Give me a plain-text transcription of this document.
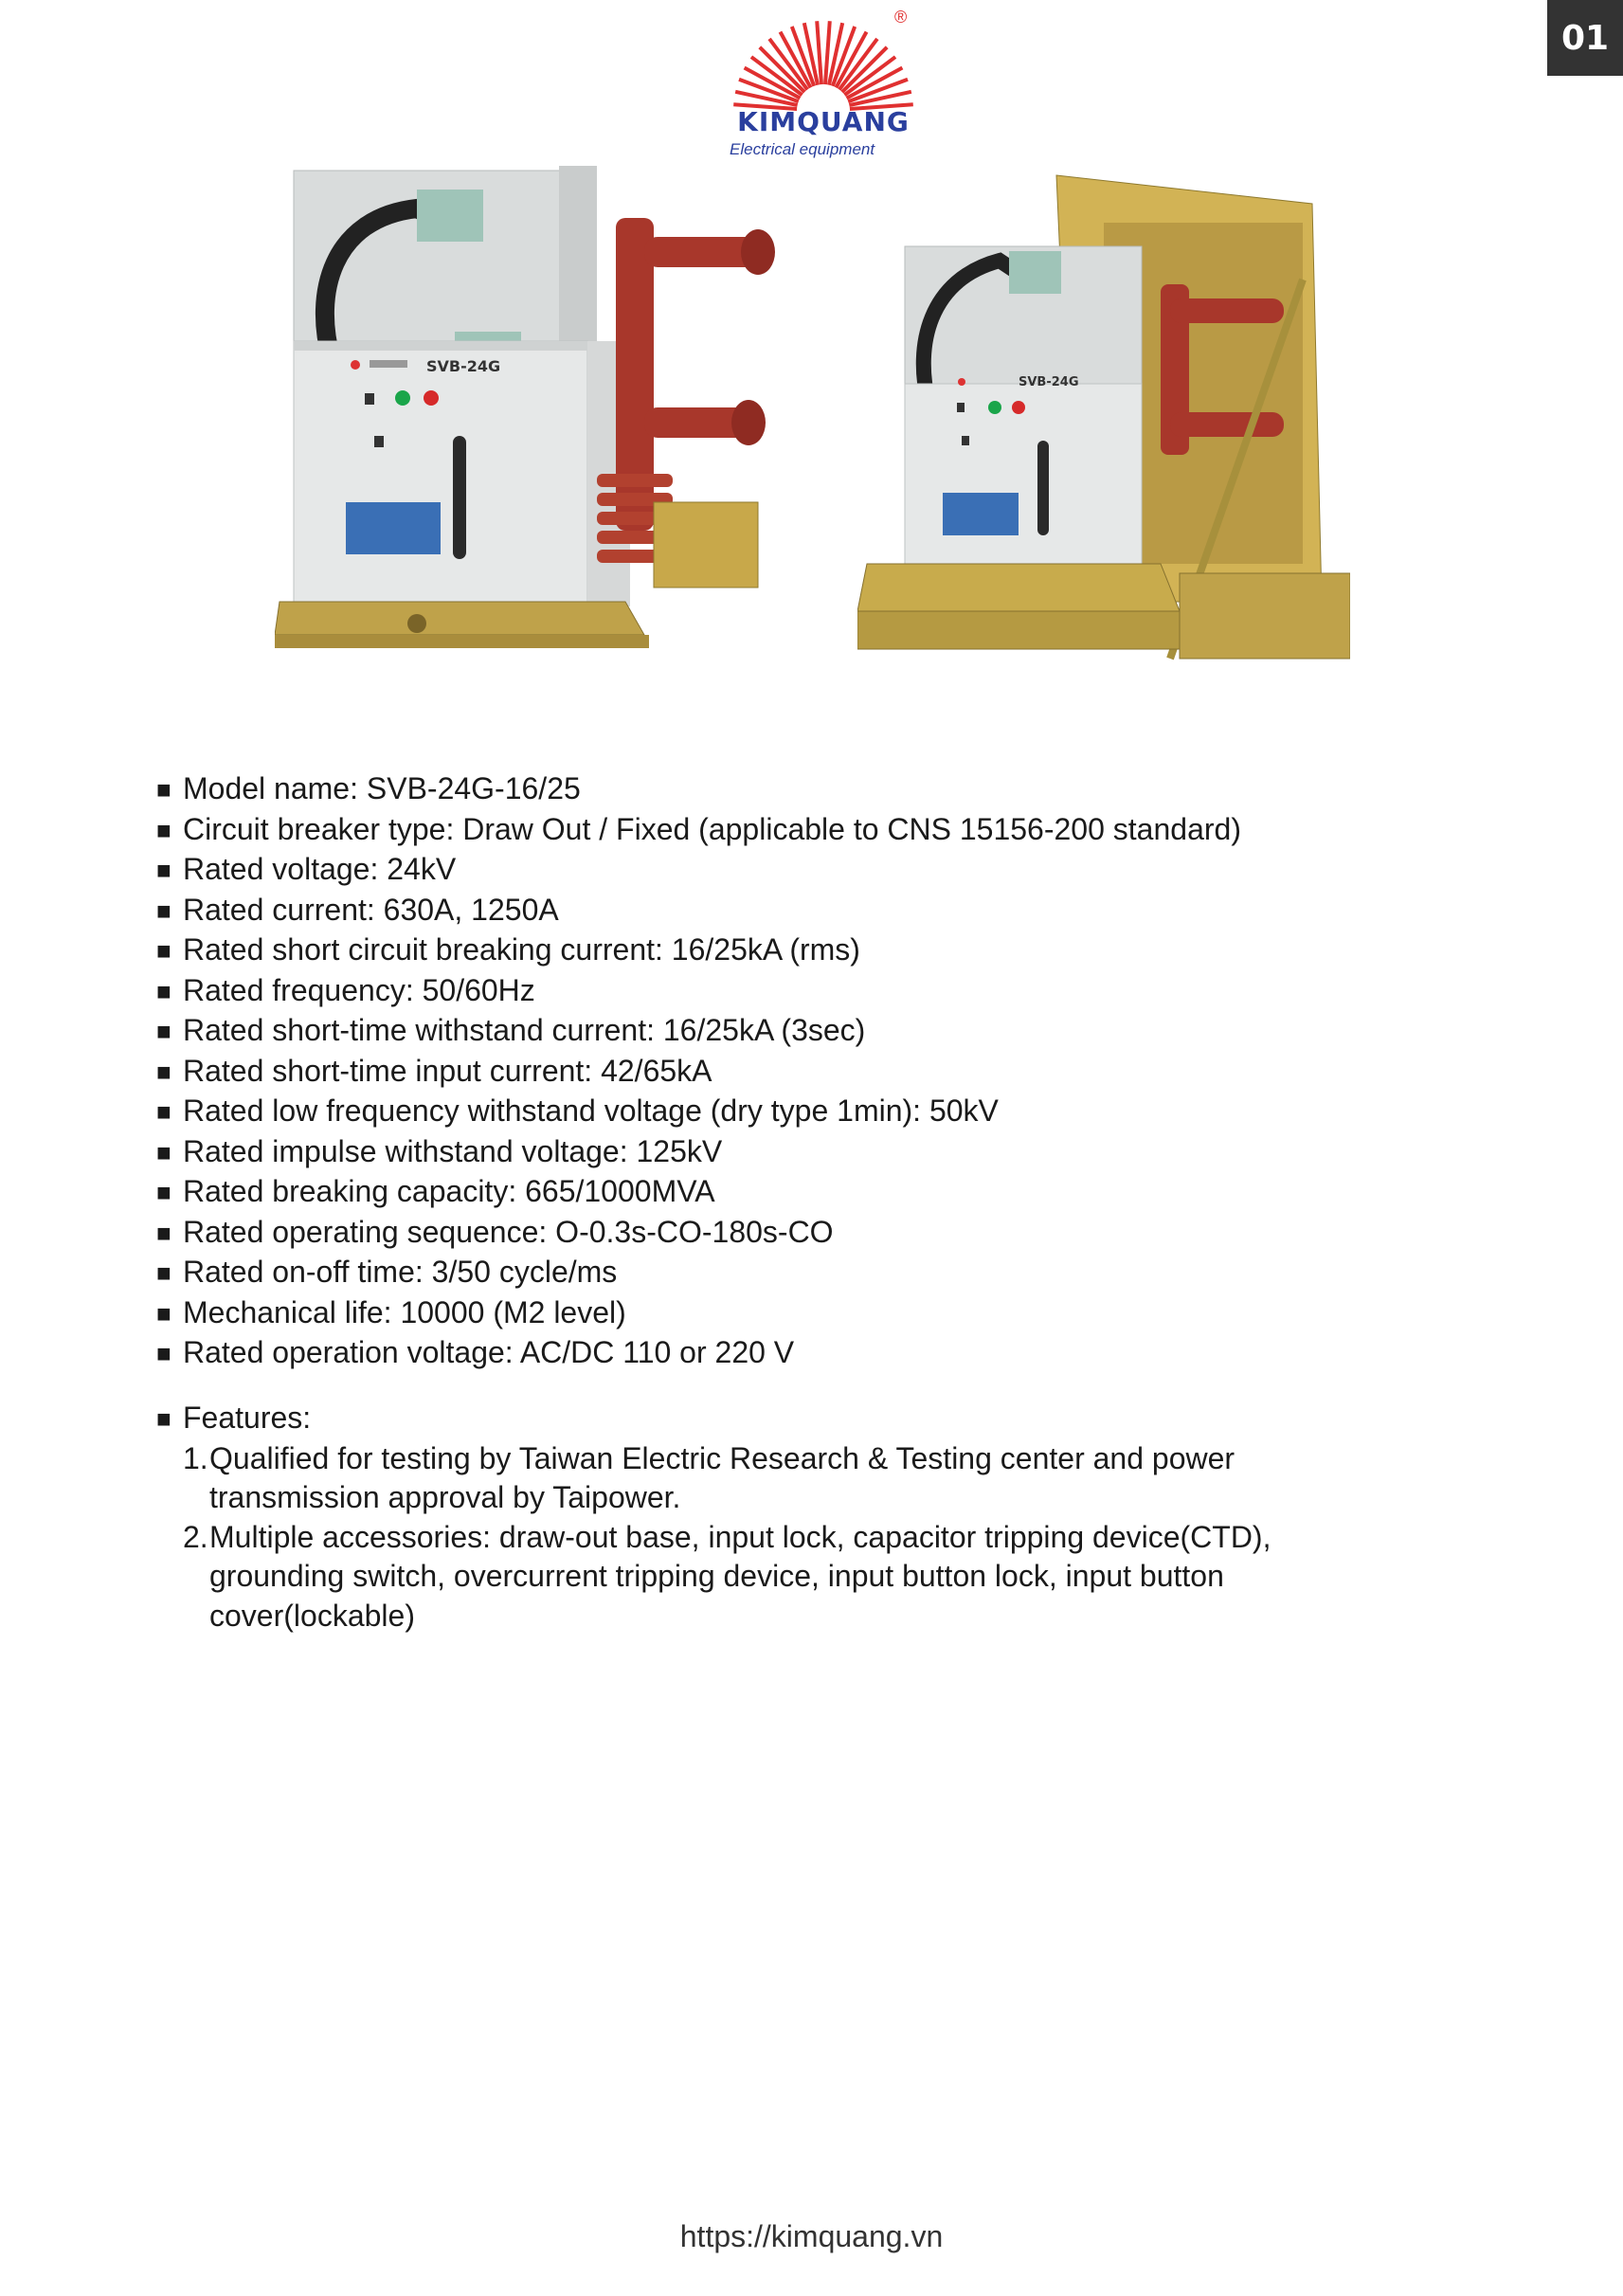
01
KIMQUANG
Electrical equipment
®
SVB-24G
SVB-24G
■ Model name: SVB-24G-16/25
■ Circuit breaker type: Draw Out / Fixed (applicable to CNS 15156-200 standard)
■ Rated voltage: 24kV
■ Rated current: 630A, 1250A
■ Rated short circuit breaking current: 16/25kA (rms)
■ Rated frequency: 50/60Hz
■ Rated short-time withstand current: 16/25kA (3sec)
■ Rated short-time input current: 42/65kA
■ Rated low frequency withstand voltage (dry type 1min): 50kV
■ Rated impulse withstand voltage: 125kV
■ Rated breaking capacity: 665/1000MVA
■ Rated operating sequence: O-0.3s-CO-180s-CO
■ Rated on-off time: 3/50 cycle/ms
■ Mechanical life: 10000 (M2 level)
■ Rated operation voltage: AC/DC 110 or 220 V
■ Features:
1. Qualified for testing by Taiwan Electric Research & Testing center and power transmission approval by Taipower.
2. Multiple accessories: draw-out base, input lock, capacitor tripping device(CTD), grounding switch, overcurrent tripping device, input button lock, input button cover(lockable)
https://kimquang.vn
